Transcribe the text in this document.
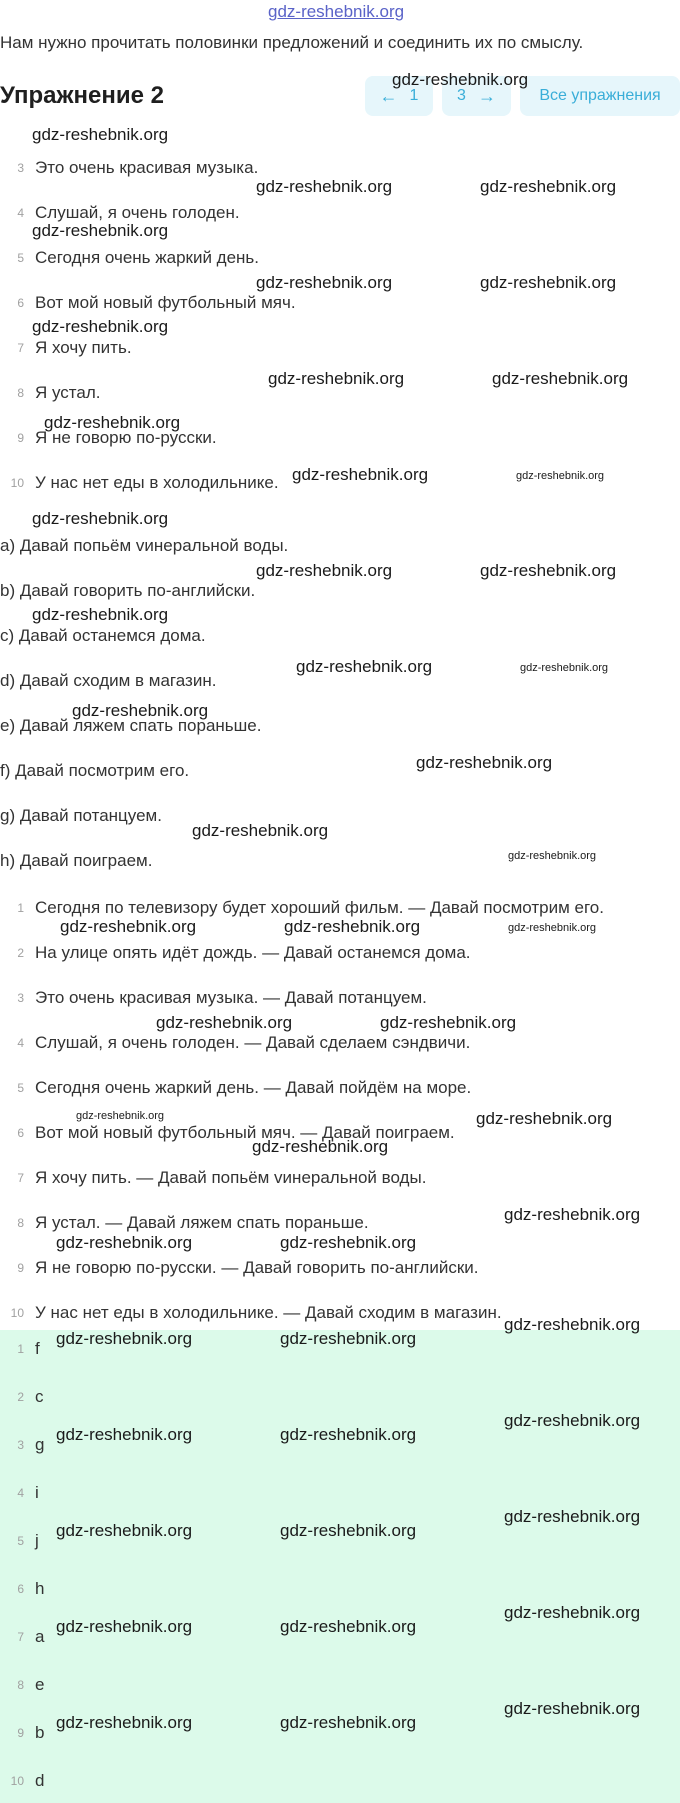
gdz-reshebnik.org
Нам нужно прочитать половинки предложений и соединить их по смыслу.
Упражнение 2	← 1 3 →	Все упражнения
3 Это очень красивая музыка.
4 Слушай, я очень голоден.
5 Сегодня очень жаркий день.
6 Вот мой новый футбольный мяч.
7 Я хочу пить.
8 Я устал.
9 Я не говорю по-русски.
10 У нас нет еды в холодильнике.
a) Давай попьём vинеральной воды.
b) Давай говорить по-английски.
c) Давай останемся дома.
d) Давай сходим в магазин.
e) Давай ляжем спать пораньше.
f) Давай посмотрим его.
g) Давай потанцуем.
h) Давай поиграем.
1 Сегодня по телевизору будет хороший фильм. — Давай посмотрим его.
2 На улице опять идёт дождь. — Давай останемся дома.
3 Это очень красивая музыка. — Давай потанцуем.
4 Слушай, я очень голоден. — Давай сделаем сэндвичи.
5 Сегодня очень жаркий день. — Давай пойдём на море.
6 Вот мой новый футбольный мяч. — Давай поиграем.
7 Я хочу пить. — Давай попьём vинеральной воды.
8 Я устал. — Давай ляжем спать пораньше.
9 Я не говорю по-русски. — Давай говорить по-английски.
10 У нас нет еды в холодильнике. — Давай сходим в магазин.
1 f
2 c
3 g
4 i
5 j
6 h
7 a
8 e
9 b
10 d
gdz-reshebnik.org
gdz-reshebnik.org
gdz-reshebnik.org	gdz-reshebnik.org
gdz-reshebnik.org
gdz-reshebnik.org	gdz-reshebnik.org
gdz-reshebnik.org
gdz-reshebnik.org	gdz-reshebnik.org
gdz-reshebnik.org
gdz-reshebnik.org	gdz-reshebnik.org
gdz-reshebnik.org
gdz-reshebnik.org	gdz-reshebnik.org
gdz-reshebnik.org
gdz-reshebnik.org	gdz-reshebnik.org
gdz-reshebnik.org
gdz-reshebnik.org
gdz-reshebnik.org
gdz-reshebnik.org
gdz-reshebnik.org	gdz-reshebnik.org	gdz-reshebnik.org
gdz-reshebnik.org	gdz-reshebnik.org
gdz-reshebnik.org	gdz-reshebnik.org
gdz-reshebnik.org
gdz-reshebnik.org
gdz-reshebnik.org	gdz-reshebnik.org
gdz-reshebnik.org
gdz-reshebnik.org	gdz-reshebnik.org
gdz-reshebnik.org
gdz-reshebnik.org	gdz-reshebnik.org
gdz-reshebnik.org
gdz-reshebnik.org	gdz-reshebnik.org
gdz-reshebnik.org
gdz-reshebnik.org	gdz-reshebnik.org
gdz-reshebnik.org
gdz-reshebnik.org	gdz-reshebnik.org
